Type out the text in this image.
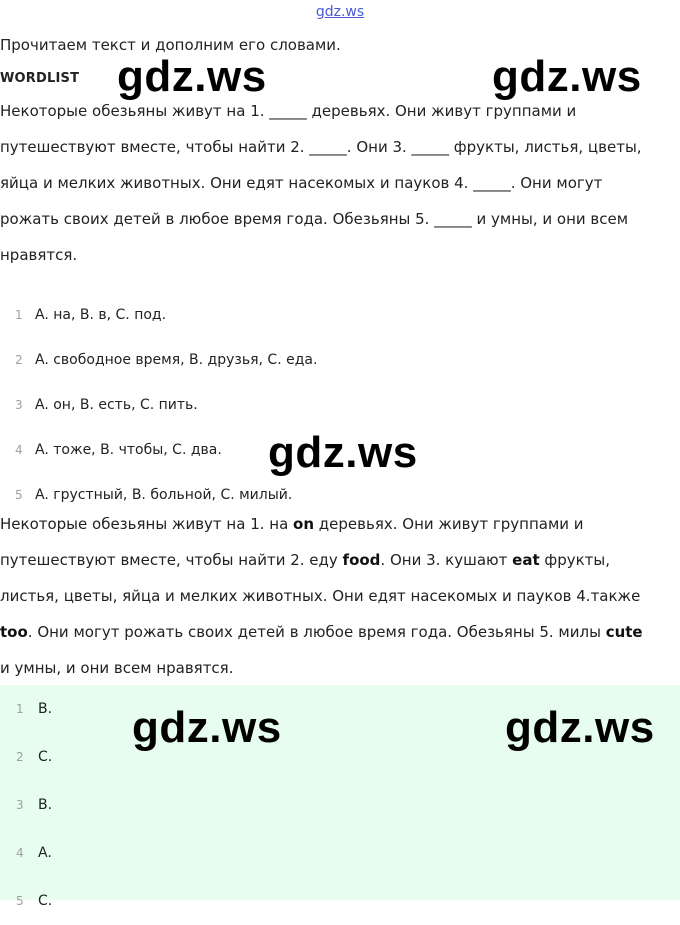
gdz.ws
Прочитаем текст и дополним его словами.
WORDLIST

Некоторые обезьяны живут на 1. _____ деревьях. Они живут группами и
путешествуют вместе, чтобы найти 2. _____. Они 3. _____ фрукты, листья, цветы,
яйца и мелких животных. Они едят насекомых и пауков 4. _____. Они могут
рожать своих детей в любое время года. Обезьяны 5. _____ и умны, и они всем
нравятся.

1 A. на, B. в, C. под.
2 A. свободное время, B. друзья, C. еда.
3 A. он, B. есть, C. пить.
4 A. тоже, B. чтобы, C. два.
5 A. грустный, B. больной, C. милый.

Некоторые обезьяны живут на 1. на on деревьях. Они живут группами и
путешествуют вместе, чтобы найти 2. еду food. Они 3. кушают eat фрукты,
листья, цветы, яйца и мелких животных. Они едят насекомых и пауков 4.также
too. Они могут рожать своих детей в любое время года. Обезьяны 5. милы cute
и умны, и они всем нравятся.

1	B.
2	C.
3	B.
4	A.
5	C.
gdz.ws	gdz.ws
gdz.ws
gdz.ws	gdz.ws
